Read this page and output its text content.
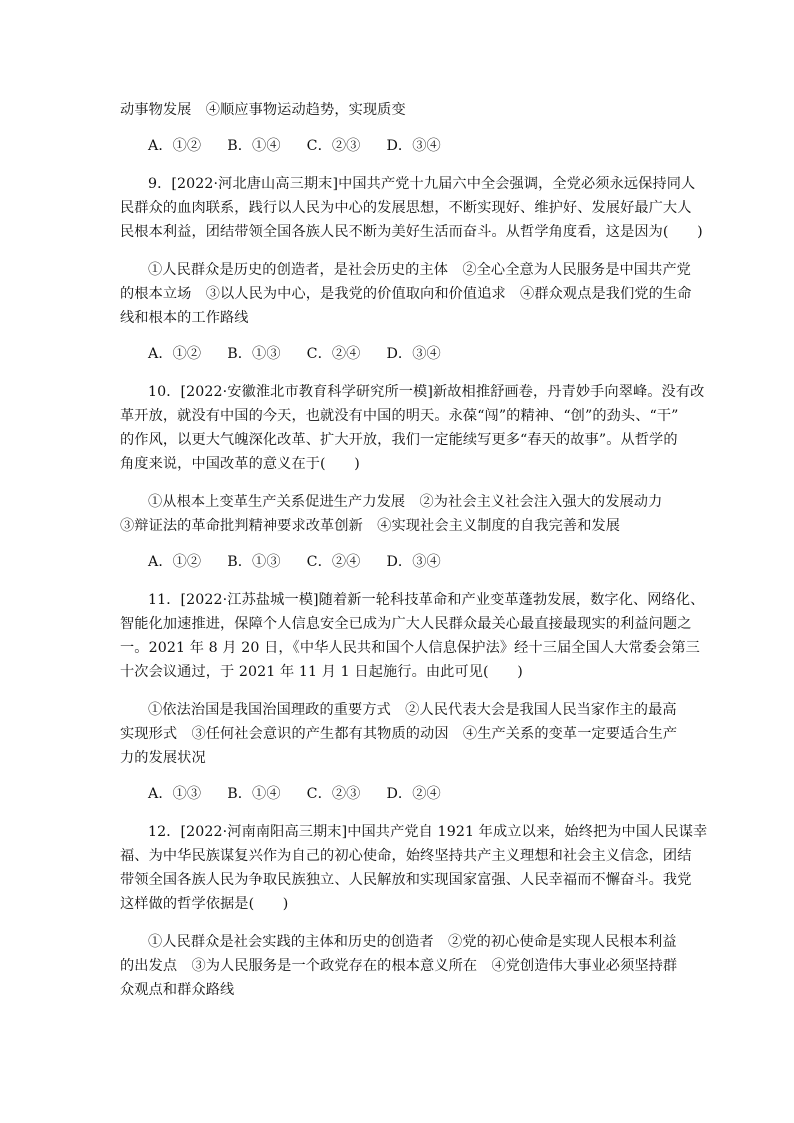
动事物发展　④顺应事物运动趋势，实现质变
A．①② B．①④ C．②③ D．③④
9．[2022·河北唐山高三期末]中国共产党十九届六中全会强调，全党必须永远保持同人
民群众的血肉联系，践行以人民为中心的发展思想，不断实现好、维护好、发展好最广大人
民根本利益，团结带领全国各族人民不断为美好生活而奋斗。从哲学角度看，这是因为(　　)
①人民群众是历史的创造者，是社会历史的主体　②全心全意为人民服务是中国共产党
的根本立场　③以人民为中心，是我党的价值取向和价值追求　④群众观点是我们党的生命
线和根本的工作路线
A．①② B．①③ C．②④ D．③④
10．[2022·安徽淮北市教育科学研究所一模]新故相推舒画卷，丹青妙手向翠峰。没有改
革开放，就没有中国的今天，也就没有中国的明天。永葆“闯”的精神、“创”的劲头、“干”
的作风，以更大气魄深化改革、扩大开放，我们一定能续写更多“春天的故事”。从哲学的
角度来说，中国改革的意义在于(　　)
①从根本上变革生产关系促进生产力发展　②为社会主义社会注入强大的发展动力
③辩证法的革命批判精神要求改革创新　④实现社会主义制度的自我完善和发展
A．①② B．①③ C．②④ D．③④
11．[2022·江苏盐城一模]随着新一轮科技革命和产业变革蓬勃发展，数字化、网络化、
智能化加速推进，保障个人信息安全已成为广大人民群众最关心最直接最现实的利益问题之
一。2021 年 8 月 20 日，《中华人民共和国个人信息保护法》经十三届全国人大常委会第三
十次会议通过，于 2021 年 11 月 1 日起施行。由此可见(　　)
①依法治国是我国治国理政的重要方式　②人民代表大会是我国人民当家作主的最高
实现形式　③任何社会意识的产生都有其物质的动因　④生产关系的变革一定要适合生产
力的发展状况
A．①③ B．①④ C．②③ D．②④
12．[2022·河南南阳高三期末]中国共产党自 1921 年成立以来，始终把为中国人民谋幸
福、为中华民族谋复兴作为自己的初心使命，始终坚持共产主义理想和社会主义信念，团结
带领全国各族人民为争取民族独立、人民解放和实现国家富强、人民幸福而不懈奋斗。我党
这样做的哲学依据是(　　)
①人民群众是社会实践的主体和历史的创造者　②党的初心使命是实现人民根本利益
的出发点　③为人民服务是一个政党存在的根本意义所在　④党创造伟大事业必须坚持群
众观点和群众路线
